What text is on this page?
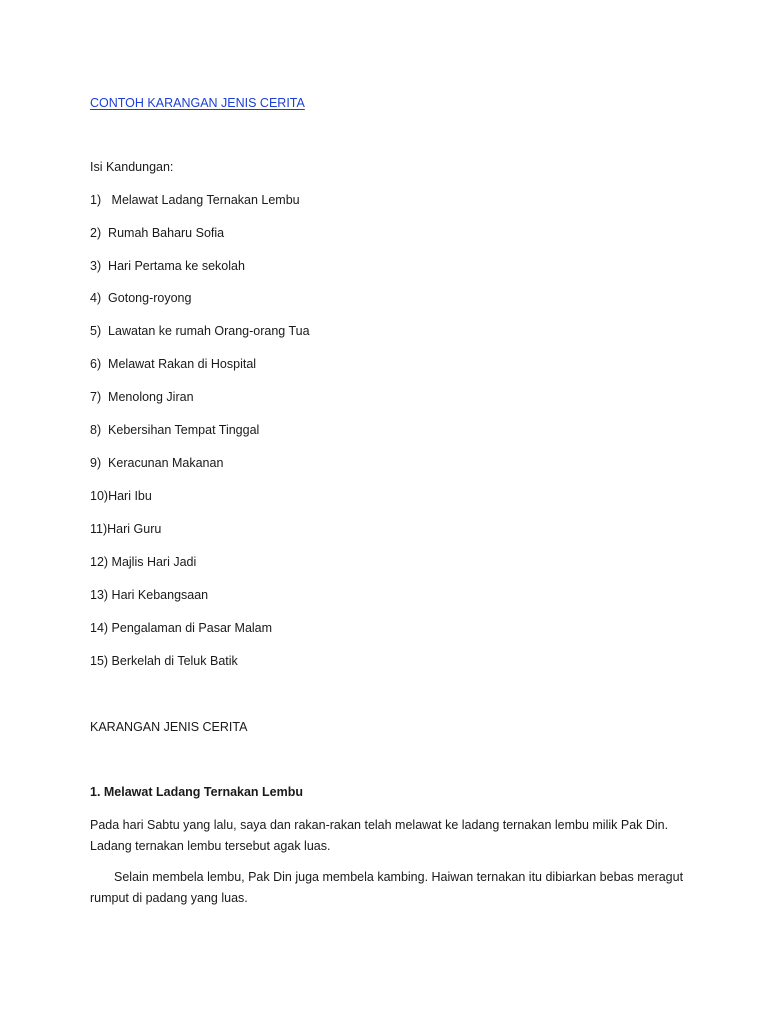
CONTOH KARANGAN JENIS CERITA
Isi Kandungan:
1)   Melawat Ladang Ternakan Lembu
2)  Rumah Baharu Sofia
3)  Hari Pertama ke sekolah
4)  Gotong-royong
5)  Lawatan ke rumah Orang-orang Tua
6)  Melawat Rakan di Hospital
7)  Menolong Jiran
8)  Kebersihan Tempat Tinggal
9)  Keracunan Makanan
10)Hari Ibu
11)Hari Guru
12) Majlis Hari Jadi
13) Hari Kebangsaan
14) Pengalaman di Pasar Malam
15) Berkelah di Teluk Batik
KARANGAN JENIS CERITA
1. Melawat Ladang Ternakan Lembu

Pada hari Sabtu yang lalu, saya dan rakan-rakan telah melawat ke ladang ternakan lembu milik Pak Din. Ladang ternakan lembu tersebut agak luas.

Selain membela lembu, Pak Din juga membela kambing. Haiwan ternakan itu dibiarkan bebas meragut rumput di padang yang luas.
